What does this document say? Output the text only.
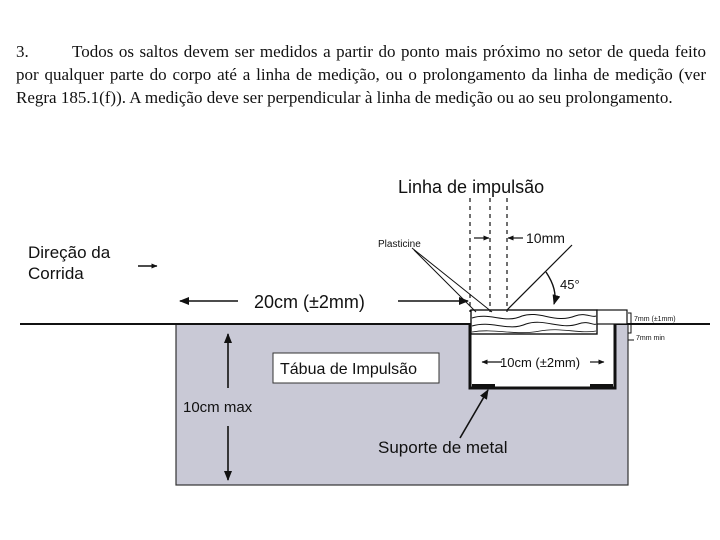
3.	Todos os saltos devem ser medidos a partir do ponto mais próximo no setor de queda feito por qualquer parte do corpo até a linha de medição, ou o prolongamento da linha de medição (ver Regra 185.1(f)). A medição deve ser perpendicular à linha de medição ou ao seu prolongamento.
Linha de impulsão
Direção da
Corrida
Plasticine	10mm
45°
20cm (±2mm)
7mm (±1mm)
7mm min
Tábua de Impulsão	10cm (±2mm)
10cm max
Suporte de metal
